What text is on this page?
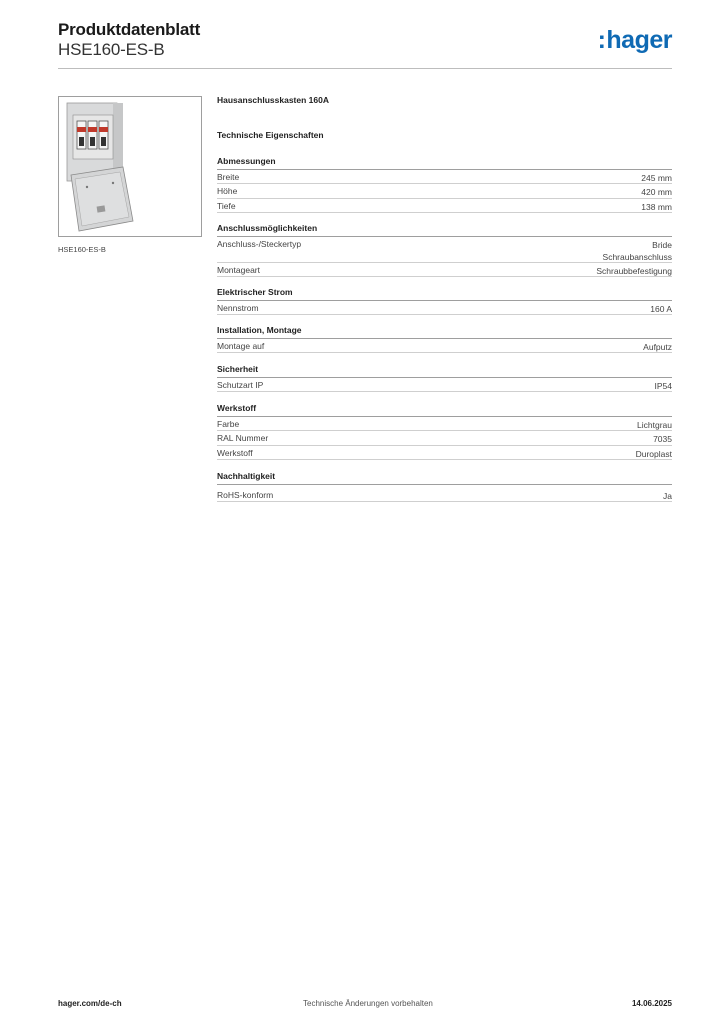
Produktdatenblatt
HSE160-ES-B	:hager
HSE160-ES-B
Hausanschlusskasten 160A
Technische Eigenschaften
Abmessungen
Breite	245 mm
Höhe	420 mm
Tiefe	138 mm
Anschlussmöglichkeiten
Anschluss-/Steckertyp	Bride
Schraubanschluss
Montageart	Schraubbefestigung
Elektrischer Strom
Nennstrom	160 A
Installation, Montage
Montage auf	Aufputz
Sicherheit
Schutzart IP	IP54
Werkstoff
Farbe	Lichtgrau
RAL Nummer	7035
Werkstoff	Duroplast
Nachhaltigkeit
RoHS-konform	Ja
hager.com/de-ch	Technische Änderungen vorbehalten	14.06.2025
